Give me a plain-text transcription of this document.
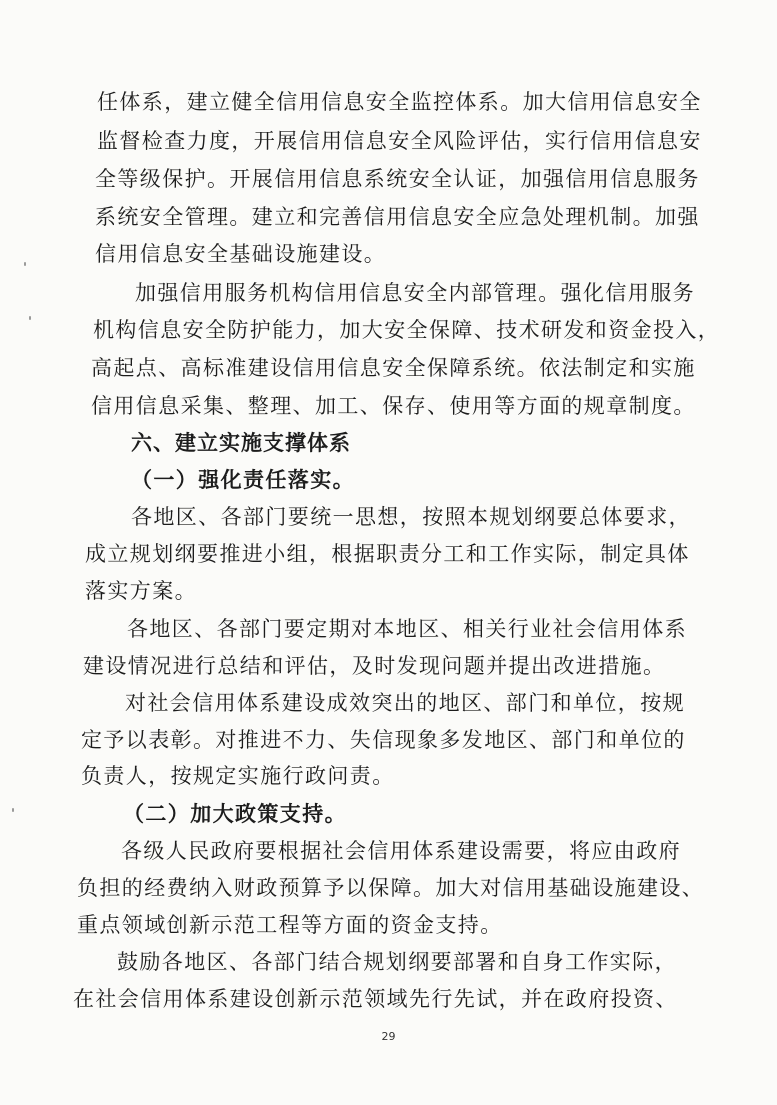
任体系，建立健全信用信息安全监控体系。加大信用信息安全
监督检查力度，开展信用信息安全风险评估，实行信用信息安
全等级保护。开展信用信息系统安全认证，加强信用信息服务
系统安全管理。建立和完善信用信息安全应急处理机制。加强
信用信息安全基础设施建设。
加强信用服务机构信用信息安全内部管理。强化信用服务
机构信息安全防护能力，加大安全保障、技术研发和资金投入，
高起点、高标准建设信用信息安全保障系统。依法制定和实施
信用信息采集、整理、加工、保存、使用等方面的规章制度。
六、建立实施支撑体系
（一）强化责任落实。
各地区、各部门要统一思想，按照本规划纲要总体要求，
成立规划纲要推进小组，根据职责分工和工作实际，制定具体
落实方案。
各地区、各部门要定期对本地区、相关行业社会信用体系
建设情况进行总结和评估，及时发现问题并提出改进措施。
对社会信用体系建设成效突出的地区、部门和单位，按规
定予以表彰。对推进不力、失信现象多发地区、部门和单位的
负责人，按规定实施行政问责。
（二）加大政策支持。
各级人民政府要根据社会信用体系建设需要，将应由政府
负担的经费纳入财政预算予以保障。加大对信用基础设施建设、
重点领域创新示范工程等方面的资金支持。
鼓励各地区、各部门结合规划纲要部署和自身工作实际，
在社会信用体系建设创新示范领域先行先试，并在政府投资、
29
